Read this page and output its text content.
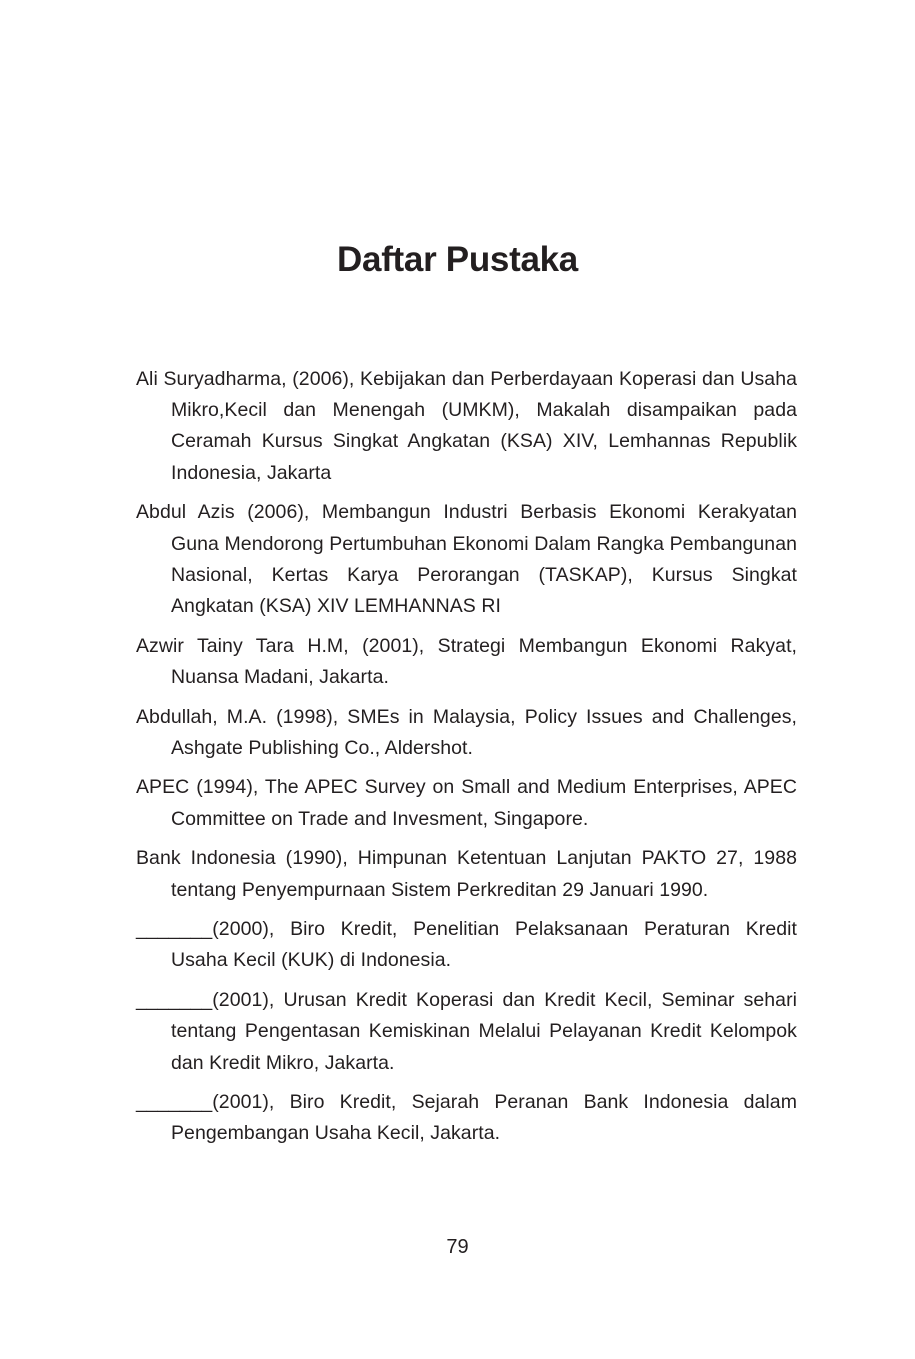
Daftar Pustaka
Ali Suryadharma, (2006), Kebijakan dan Perberdayaan Koperasi dan Usaha Mikro,Kecil dan Menengah (UMKM), Makalah disampaikan pada Ceramah Kursus Singkat Angkatan (KSA) XIV, Lemhannas Republik Indonesia, Jakarta
Abdul Azis (2006), Membangun Industri Berbasis Ekonomi Kerakyatan Guna Mendorong Pertumbuhan Ekonomi Dalam Rangka Pembangunan Nasional, Kertas Karya Perorangan (TASKAP), Kursus Singkat Angkatan (KSA) XIV LEMHANNAS RI
Azwir Tainy Tara H.M, (2001), Strategi Membangun Ekonomi Rakyat, Nuansa Madani, Jakarta.
Abdullah, M.A. (1998), SMEs in Malaysia, Policy Issues and Challenges, Ashgate Publishing Co., Aldershot.
APEC (1994), The APEC Survey on Small and Medium Enterprises, APEC Committee on Trade and Invesment, Singapore.
Bank Indonesia (1990), Himpunan Ketentuan Lanjutan PAKTO 27, 1988 tentang Penyempurnaan Sistem Perkreditan 29 Januari 1990.
_______(2000), Biro Kredit, Penelitian Pelaksanaan Peraturan Kredit Usaha Kecil (KUK) di Indonesia.
_______(2001), Urusan Kredit Koperasi dan Kredit Kecil, Seminar sehari tentang Pengentasan Kemiskinan Melalui Pelayanan Kredit Kelompok dan Kredit Mikro, Jakarta.
_______(2001), Biro Kredit, Sejarah Peranan Bank Indonesia dalam Pengembangan Usaha Kecil, Jakarta.

79
